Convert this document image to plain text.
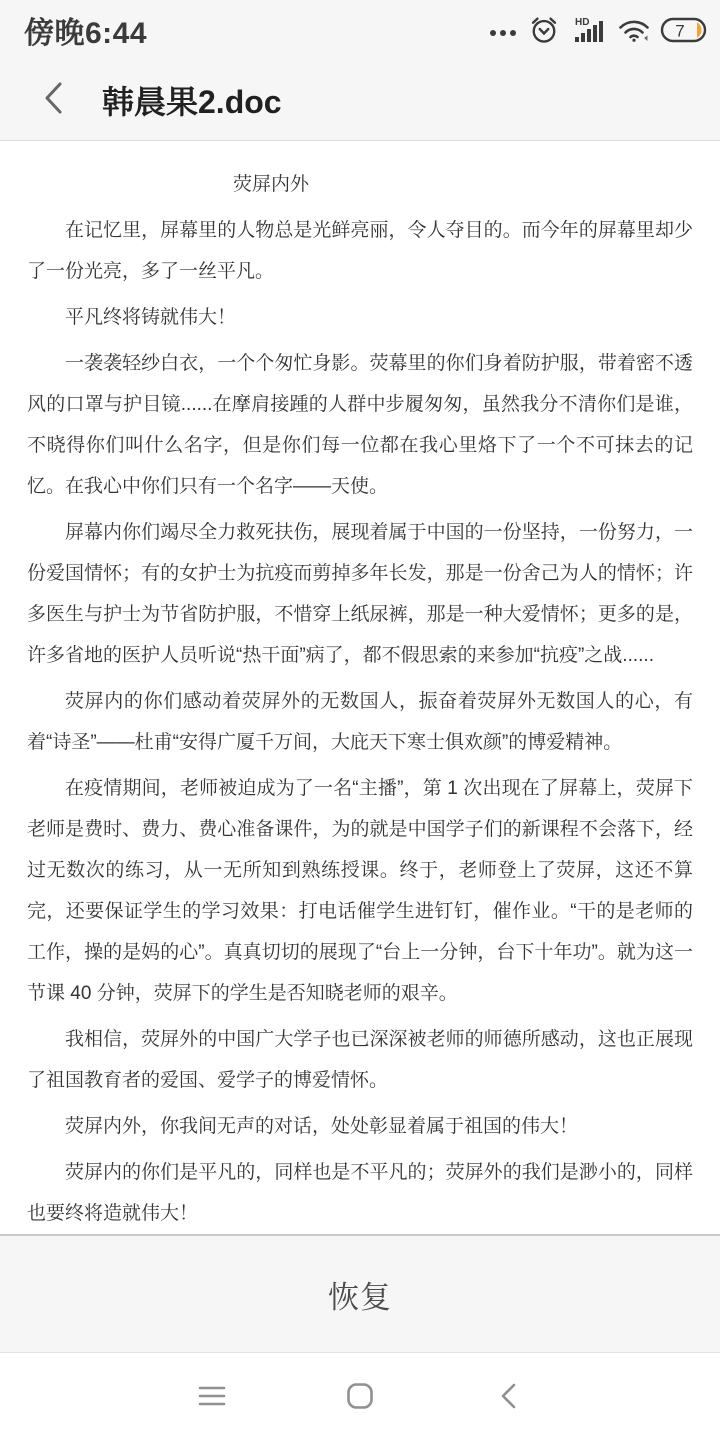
傍晚6:44	HD	7
韩晨果2.doc

荧屏内外

在记忆里，屏幕里的人物总是光鲜亮丽，令人夺目的。而今年的屏幕里却少了一份光亮，多了一丝平凡。

平凡终将铸就伟大！

一袭袭轻纱白衣，一个个匆忙身影。荧幕里的你们身着防护服，带着密不透风的口罩与护目镜......在摩肩接踵的人群中步履匆匆，虽然我分不清你们是谁，不晓得你们叫什么名字，但是你们每一位都在我心里烙下了一个不可抹去的记忆。在我心中你们只有一个名字——天使。

屏幕内你们竭尽全力救死扶伤，展现着属于中国的一份坚持，一份努力，一份爱国情怀；有的女护士为抗疫而剪掉多年长发，那是一份舍己为人的情怀；许多医生与护士为节省防护服，不惜穿上纸尿裤，那是一种大爱情怀；更多的是，许多省地的医护人员听说“热干面”病了，都不假思索的来参加“抗疫”之战......

荧屏内的你们感动着荧屏外的无数国人，振奋着荧屏外无数国人的心，有着“诗圣”——杜甫“安得广厦千万间，大庇天下寒士俱欢颜”的博爱精神。

在疫情期间，老师被迫成为了一名“主播”，第 1 次出现在了屏幕上，荧屏下老师是费时、费力、费心准备课件，为的就是中国学子们的新课程不会落下，经过无数次的练习，从一无所知到熟练授课。终于，老师登上了荧屏，这还不算完，还要保证学生的学习效果：打电话催学生进钉钉，催作业。“干的是老师的工作，操的是妈的心”。真真切切的展现了“台上一分钟，台下十年功”。就为这一节课 40 分钟，荧屏下的学生是否知晓老师的艰辛。

我相信，荧屏外的中国广大学子也已深深被老师的师德所感动，这也正展现了祖国教育者的爱国、爱学子的博爱情怀。

荧屏内外，你我间无声的对话，处处彰显着属于祖国的伟大！

荧屏内的你们是平凡的，同样也是不平凡的；荧屏外的我们是渺小的，同样也要终将造就伟大！

恢复
